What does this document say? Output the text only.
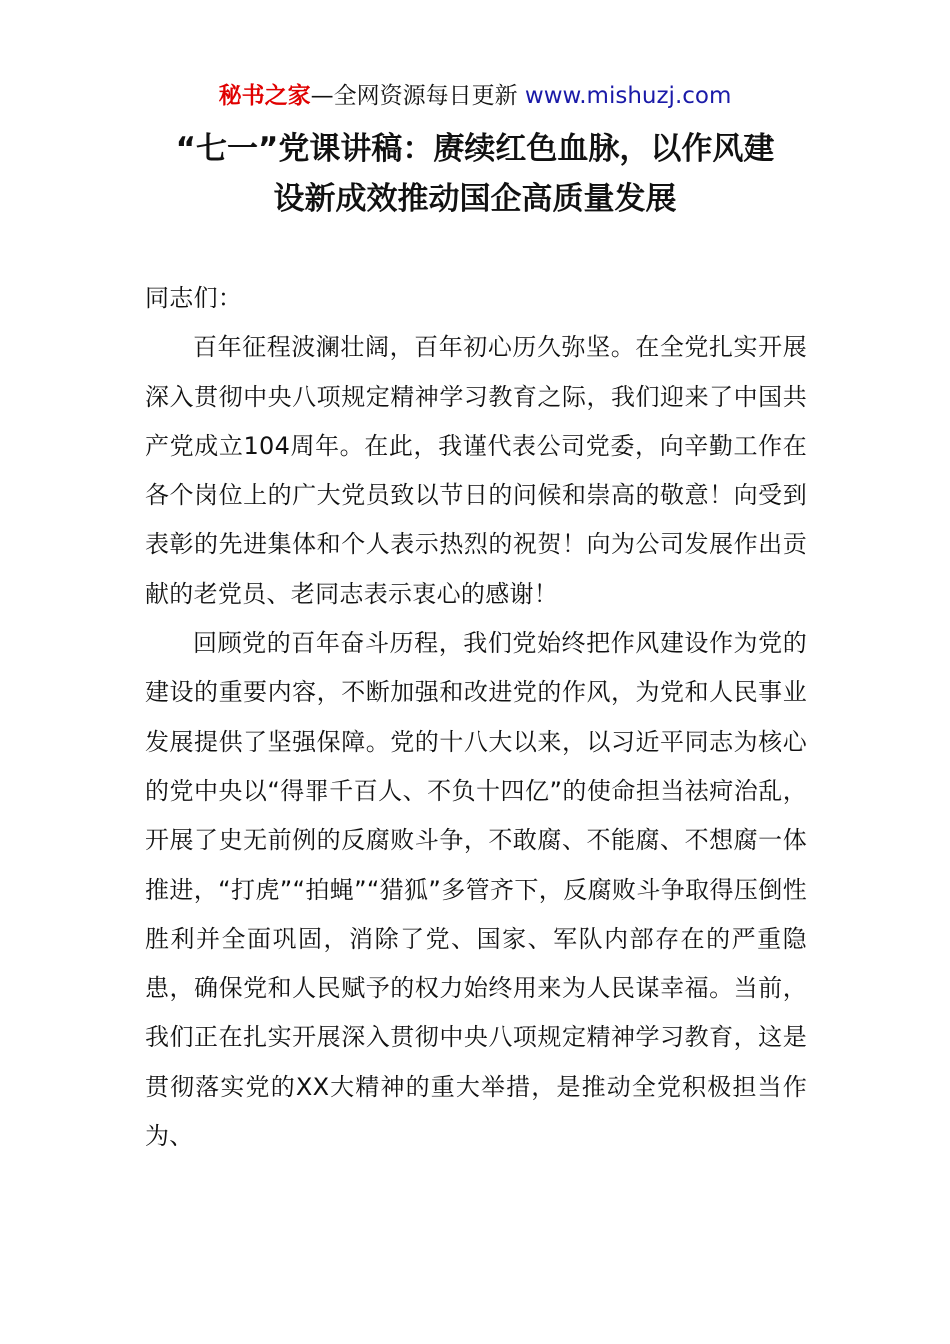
秘书之家—全网资源每日更新 www.mishuzj.com
“七一”党课讲稿：赓续红色血脉，以作风建
设新成效推动国企高质量发展

同志们：

百年征程波澜壮阔，百年初心历久弥坚。在全党扎实开展深入贯彻中央八项规定精神学习教育之际，我们迎来了中国共产党成立104周年。在此，我谨代表公司党委，向辛勤工作在各个岗位上的广大党员致以节日的问候和崇高的敬意！向受到表彰的先进集体和个人表示热烈的祝贺！向为公司发展作出贡献的老党员、老同志表示衷心的感谢！

回顾党的百年奋斗历程，我们党始终把作风建设作为党的建设的重要内容，不断加强和改进党的作风，为党和人民事业发展提供了坚强保障。党的十八大以来，以习近平同志为核心的党中央以“得罪千百人、不负十四亿”的使命担当祛疴治乱，开展了史无前例的反腐败斗争，不敢腐、不能腐、不想腐一体推进，“打虎”“拍蝇”“猎狐”多管齐下，反腐败斗争取得压倒性胜利并全面巩固，消除了党、国家、军队内部存在的严重隐患，确保党和人民赋予的权力始终用来为人民谋幸福。当前，我们正在扎实开展深入贯彻中央八项规定精神学习教育，这是贯彻落实党的XX大精神的重大举措，是推动全党积极担当作为、
